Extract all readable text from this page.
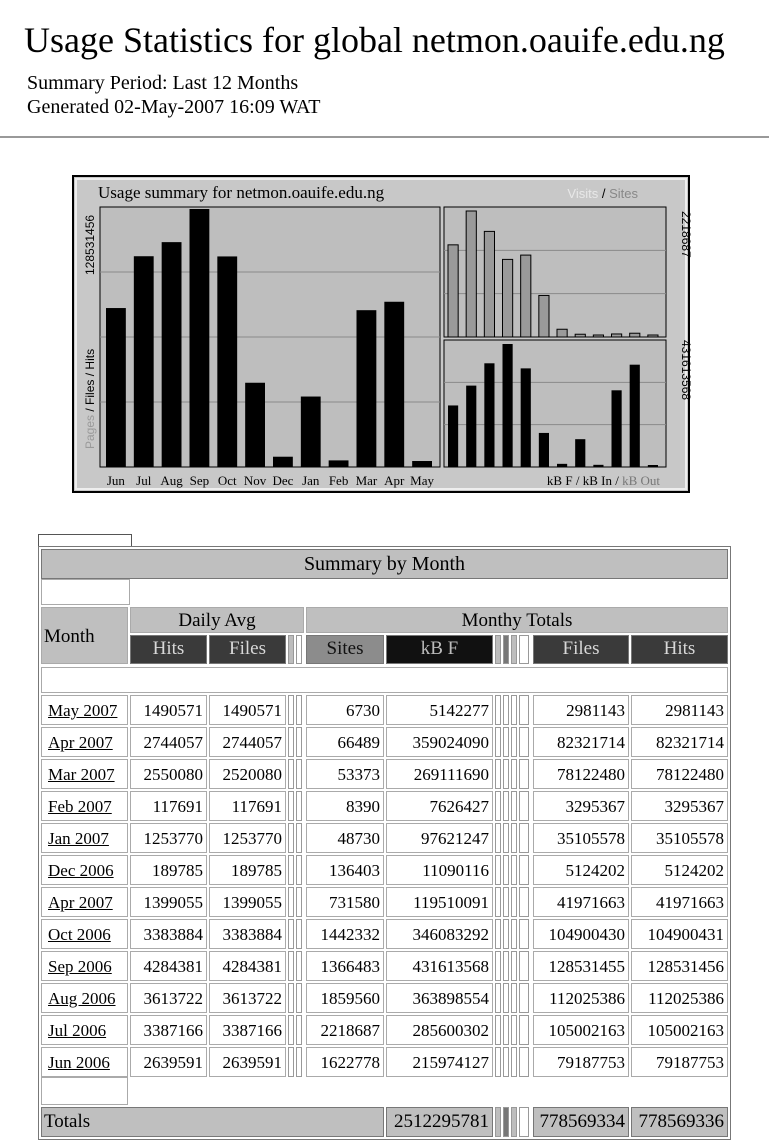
Usage Statistics for global netmon.oauife.edu.ng
Summary Period: Last 12 Months
Generated 02-May-2007 16:09 WAT
Usage summary for netmon.oauife.edu.ng	Visits / Sites
128531456
Pages / Files / Hits
Jun Jul Aug Sep Oct Nov Dec Jan Feb Mar Apr May
2218687
431613568
kB F / kB In / kB Out
Summary by Month
Month
Daily Avg	Monthy Totals
Hits	Files	Sites	kB F	Files	Hits
May 2007	1490571	1490571	6730	5142277	2981143	2981143
Apr 2007	2744057	2744057	66489	359024090	82321714	82321714
Mar 2007	2550080	2520080	53373	269111690	78122480	78122480
Feb 2007	117691	117691	8390	7626427	3295367	3295367
Jan 2007	1253770	1253770	48730	97621247	35105578	35105578
Dec 2006	189785	189785	136403	11090116	5124202	5124202
Apr 2007	1399055	1399055	731580	119510091	41971663	41971663
Oct 2006	3383884	3383884	1442332	346083292	104900430	104900431
Sep 2006	4284381	4284381	1366483	431613568	128531455	128531456
Aug 2006	3613722	3613722	1859560	363898554	112025386	112025386
Jul 2006	3387166	3387166	2218687	285600302	105002163	105002163
Jun 2006	2639591	2639591	1622778	215974127	79187753	79187753
Totals	2512295781	778569334 778569336
